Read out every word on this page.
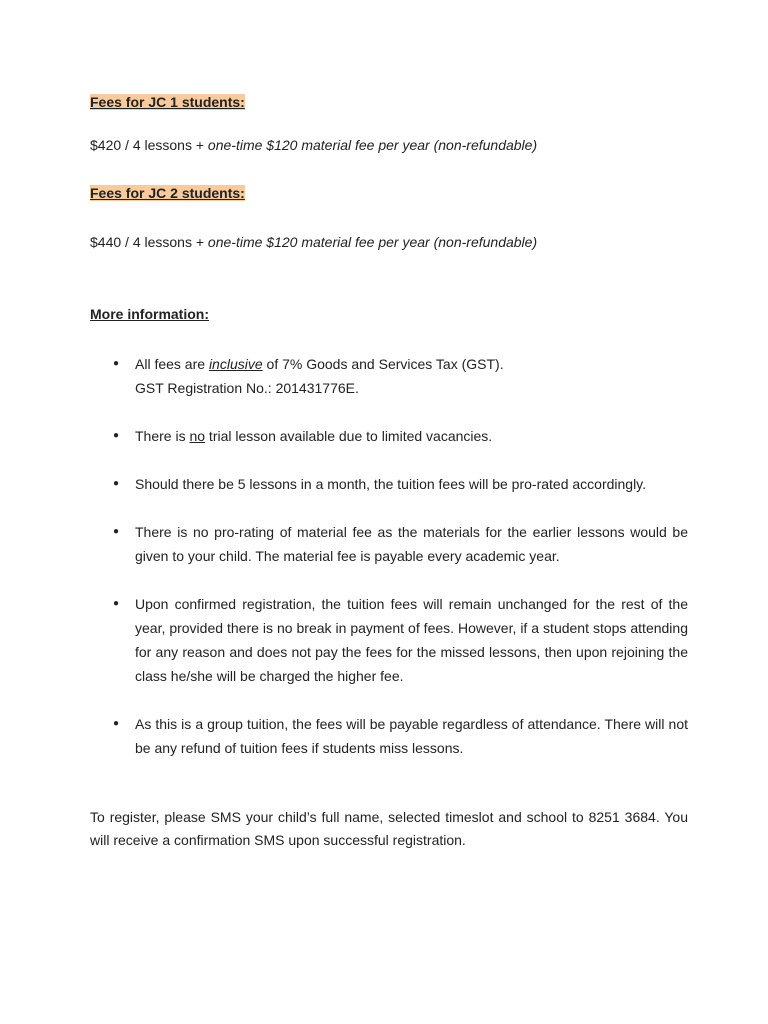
Fees for JC 1 students:
$420 / 4 lessons + one-time $120 material fee per year (non-refundable)
Fees for JC 2 students:
$440 / 4 lessons + one-time $120 material fee per year (non-refundable)
More information:
● All fees are inclusive of 7% Goods and Services Tax (GST).
GST Registration No.: 201431776E.
● There is no trial lesson available due to limited vacancies.
● Should there be 5 lessons in a month, the tuition fees will be pro-rated accordingly.
● There is no pro-rating of material fee as the materials for the earlier lessons would be given to your child. The material fee is payable every academic year.
● Upon confirmed registration, the tuition fees will remain unchanged for the rest of the year, provided there is no break in payment of fees. However, if a student stops attending for any reason and does not pay the fees for the missed lessons, then upon rejoining the class he/she will be charged the higher fee.
● As this is a group tuition, the fees will be payable regardless of attendance. There will not be any refund of tuition fees if students miss lessons.
To register, please SMS your child’s full name, selected timeslot and school to 8251 3684. You will receive a confirmation SMS upon successful registration.
